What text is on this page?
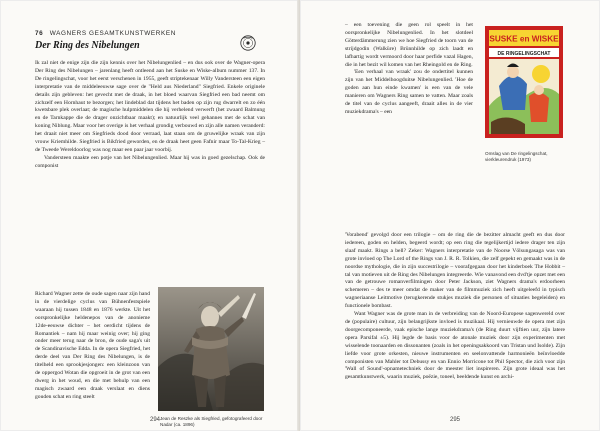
76 WAGNERS GESAMTKUNSTWERKEN
Der Ring des Nibelungen

Ik zal niet de enige zijn die zijn kennis over het Nibelungenlied – en dus ook over de Wagner-opera Der Ring des Nibelungen – jarenlang heeft ontleend aan het Suske en Wiske-album nummer 137. In De ringelingschat, voor het eerst verschenen in 1955, geeft striptekenaar Willy Vandersteen een eigen interpretatie van de middeleeuwse sage over de "Held aus Niederland" Siegfried. Enkele originele details zijn gebleven: het gevecht met de draak, in het bloed waarvan Siegfried een bad neemt om zichzelf een Hornhaut te bezorgen; het lindeblad dat tijdens het baden op zijn rug dwarrelt en zo één kwetsbare plek overlaat; de magische hulpmiddelen die hij verhelend verwerft (het zwaard Balmung en de Tarnkappe die de drager onzichtbaar maakt); en natuurlijk veel gehannes met de schat van koning Niblung. Maar voor het overige is het verhaal grondig verbouwd en zijn alle namen veranderd: het draait niet meer om Siegfrieds dood door verraad, laat staan om de gruwelijke wraak van zijn vrouw Kriemhilde. Siegfried is Bikfried geworden, en de draak heet geen Fafnir maar To-Tal-Krieg – de Tweede Wereldoorlog was nog maar een paar jaar voorbij.

Vandersteen maakte een potje van het Nibelungenlied. Maar hij was in goed gezelschap. Ook de componist

Richard Wagner zette de oude sagen naar zijn hand in de vierdelige cyclus van Bühnenfestspiele waaraan hij tussen 1848 en 1876 werkte. Uit het oorspronkelijke heldenepos van de anonieme 12de-eeuwse dichter – het oerdicht tijdens de Romantiek – nam hij maar weinig over; hij ging onder meer terug naar de bron, de oude saga's uit de Scandinavische Edda. In de opera Siegfried, het derde deel van Der Ring des Nibelungen, is de titelheld een sprookjesjongen: een kleinzoon van de oppergod Wotan die opgroeit in de grot van een dwerg in het woud, en die met behulp van een magisch zwaard een draak verslaat en diens gouden schat en ring steelt

Jean de Reszke als Siegfried, gefotografeerd door Nadar (ca. 1896)
294

– een toevening die geen rol speelt in het oorspronkelijke Nibelungenlied. In het slotdeel Götterdämmerung zien we hoe Siegfried de toorn van de strijdgodin (Walküre) Brünnhilde op zich laadt en lafhartig wordt vermoord door haar perfide vazal Hagen, die in het bezit wil komen van het Rheingold en de Ring.

'Een verhaal van wraak' zou de ondertitel kunnen zijn van het Middelhoogduitse Nibelungenlied. 'Hoe de goden aan hun einde kwamen' is een van de vele manieren om Wagners Ring samen te vatten. Maar zoals de titel van de cyclus aangeeft, draait alles in de vier muziekdrama's – een

SUSKE en WISKE
DE RINGELINGSCHAT
Omslag van De ringelingschat, vierkleurendruk (1973)

'Vorabend' gevolgd door een trilogie – om de ring die de bezitter almacht geeft en dus door iedereen, goden en helden, begeerd wordt; op een ring die tegelijkertijd iedere drager ten zijn slaaf maakt. Rings a bell? Zeker: Wagners interpretatie van de Noorse Völsungasaga was van grote invloed op The Lord of the Rings van J. R. R. Tolkien, die zelf gepekt en gemaakt was in de noordse mythologie, die in zijn succestrilogie – voorafgegaan door het kinderboek The Hobbit – tal van motieven uit de Ring des Nibelungen integreerde. Wie vanavond een dvd'tje opzet met een van de getrouwe romanverfilmingen door Peter Jackson, ziet Wagners drama's erdoorheen schemeren – des te meer omdat de maker van de filmmuziek zich heeft uitgeleefd in typisch wagneriaanse Leitmotive (terugkerende stukjes muziek die personen of situaties begeleiden) en functionele bombast.

Want Wagner was de grote man in de verbreiding van de Noord-Europese sagenwereld over de (populaire) cultuur, zijn belangrijkste invloed is muzikaal. Hij vernieuwde de opera met zijn doorgecomponeerde, vaak epische lange muziekdrama's (de Ring duurt vijftien uur, zijn latere opera Parsifal ±5). Hij legde de basis voor de atonale muziek door zijn experimenten met wisselende toonaarden en dissonanten (zoals in het openingsakkoord van Tristan und Isolde). Zijn liefde voor grote orkesten, nieuwe instrumenten en seelonvattende harmonieën beïnvloedde componisten van Mahler tot Debussy en van Ennio Morricone tot Phil Spector, die zich voor zijn 'Wall of Sound'-opnametechniek door de meester liet inspireren. Zijn grote ideaal was het gesamtkunstwerk, waarin muziek, poëzie, toneel, beeldende kunst en archi-

295
